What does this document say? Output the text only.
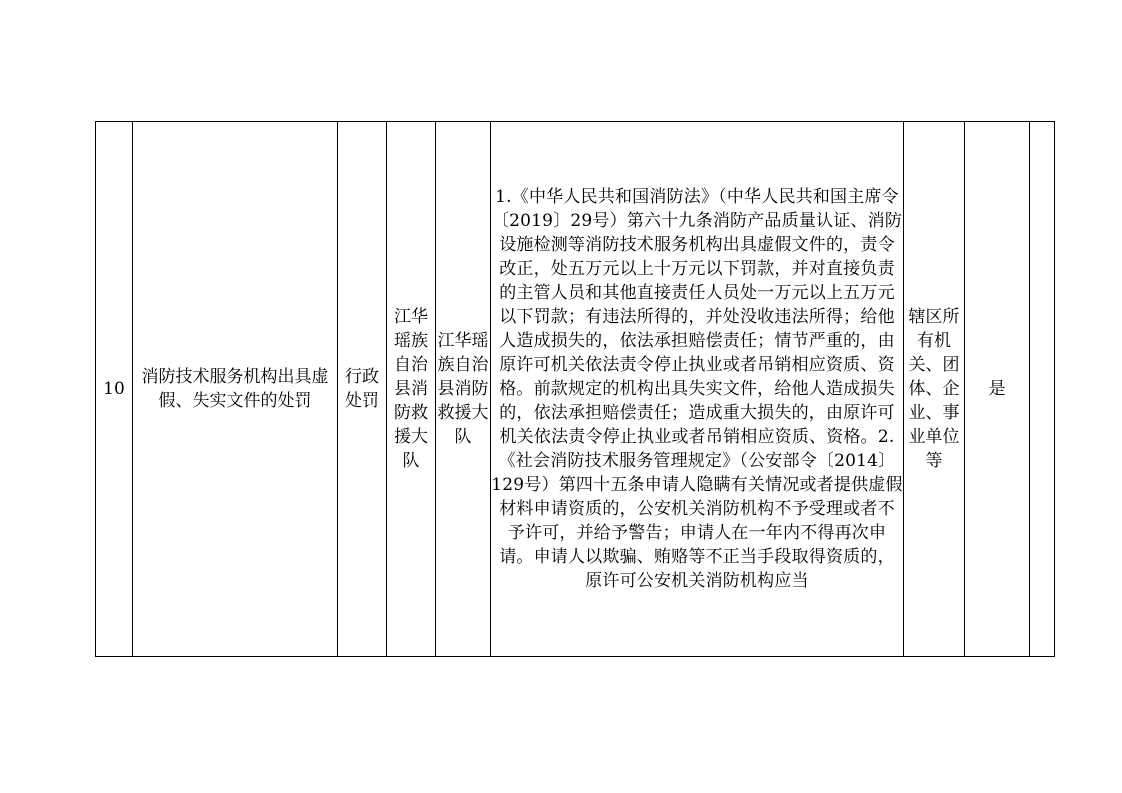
10	消防技术服务机构出具虚假、失实文件的处罚	行政处罚	江华瑶族自治县消防救援大队	江华瑶族自治县消防救援大队	1.《中华人民共和国消防法》（中华人民共和国主席令〔2019〕29号）第六十九条消防产品质量认证、消防设施检测等消防技术服务机构出具虚假文件的，责令改正，处五万元以上十万元以下罚款，并对直接负责的主管人员和其他直接责任人员处一万元以上五万元以下罚款；有违法所得的，并处没收违法所得；给他人造成损失的，依法承担赔偿责任；情节严重的，由原许可机关依法责令停止执业或者吊销相应资质、资格。前款规定的机构出具失实文件，给他人造成损失的，依法承担赔偿责任；造成重大损失的，由原许可机关依法责令停止执业或者吊销相应资质、资格。2.《社会消防技术服务管理规定》（公安部令〔2014〕129号）第四十五条申请人隐瞒有关情况或者提供虚假材料申请资质的，公安机关消防机构不予受理或者不予许可，并给予警告；申请人在一年内不得再次申请。申请人以欺骗、贿赂等不正当手段取得资质的，原许可公安机关消防机构应当	辖区所有机关、团体、企业、事业单位等	是	
